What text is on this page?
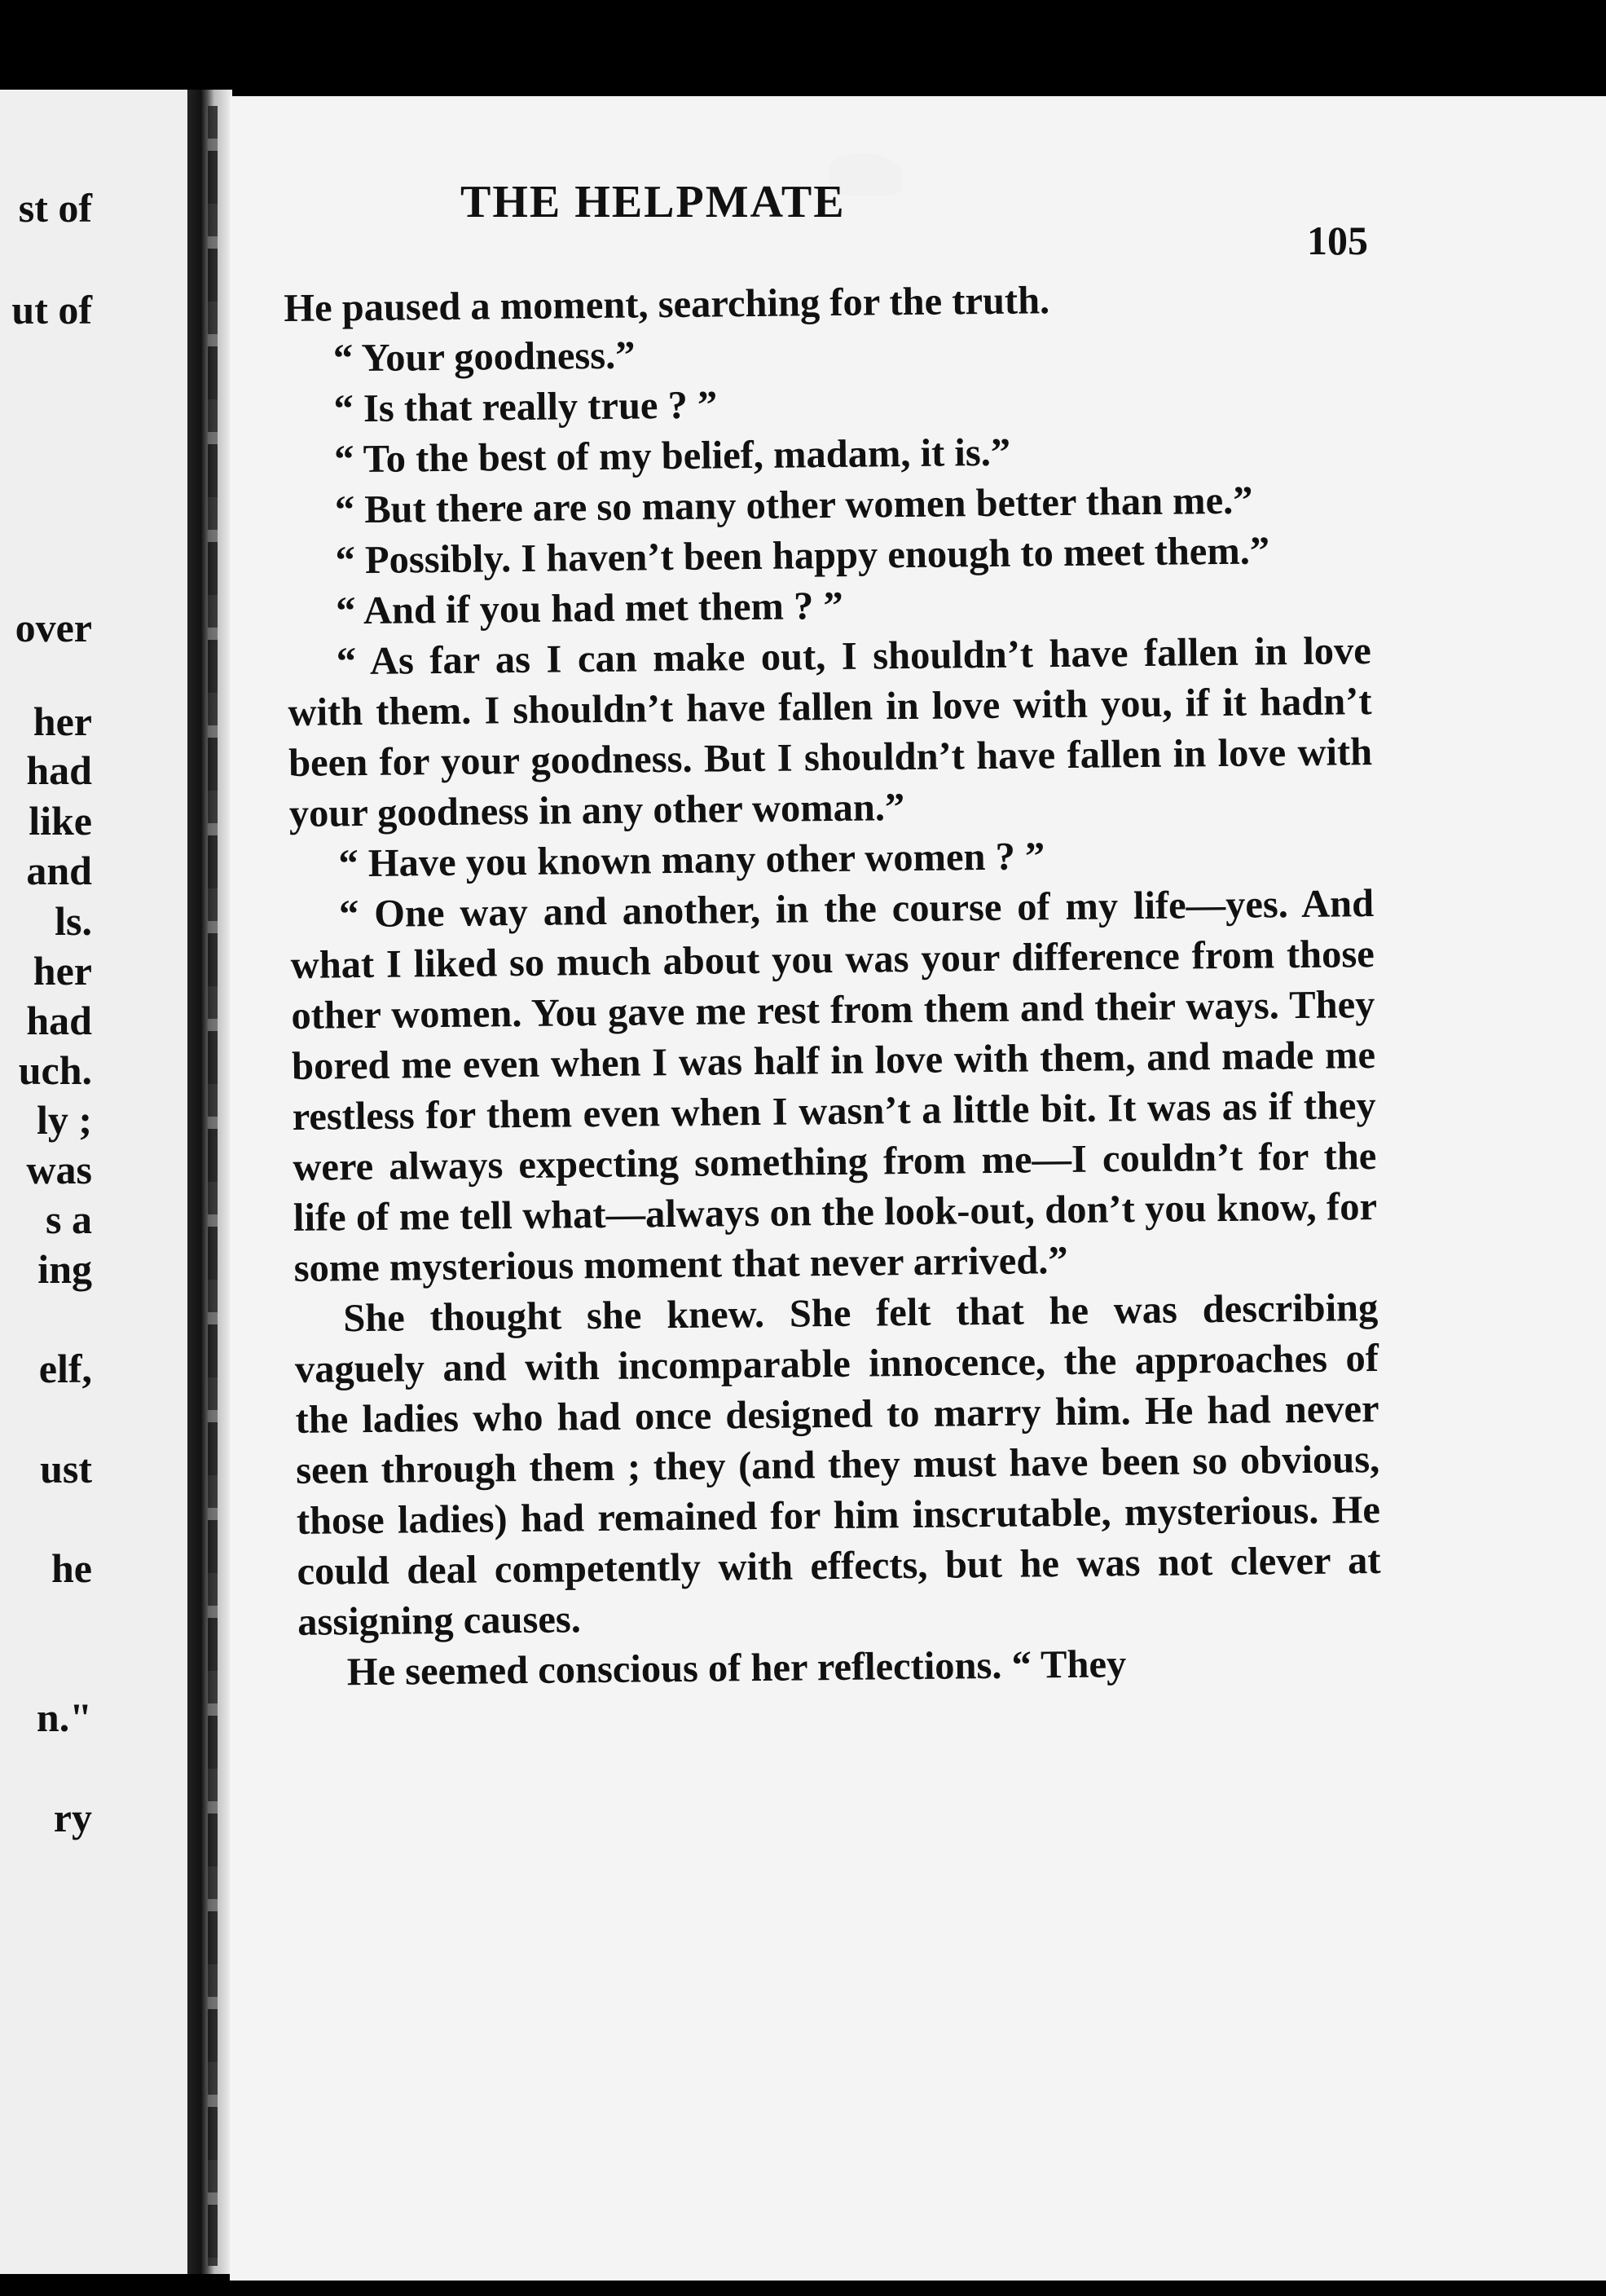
st of
ut of
over
her
had
like
and
ls.
her
had
uch.
ly ;
was
s a
ing
elf,
ust
he
n."
ry
THE HELPMATE
105

He paused a moment, searching for the truth.

“ Your goodness.”

“ Is that really true ? ”

“ To the best of my belief, madam, it is.”

“ But there are so many other women better than me.”

“ Possibly. I haven’t been happy enough to meet them.”

“ And if you had met them ? ”

“ As far as I can make out, I shouldn’t have fallen in love with them. I shouldn’t have fallen in love with you, if it hadn’t been for your goodness. But I shouldn’t have fallen in love with your goodness in any other woman.”

“ Have you known many other women ? ”

“ One way and another, in the course of my life—yes. And what I liked so much about you was your difference from those other women. You gave me rest from them and their ways. They bored me even when I was half in love with them, and made me restless for them even when I wasn’t a little bit. It was as if they were always expecting something from me—I couldn’t for the life of me tell what—always on the look-out, don’t you know, for some mysterious moment that never arrived.”

She thought she knew. She felt that he was describing vaguely and with incomparable innocence, the approaches of the ladies who had once designed to marry him. He had never seen through them ; they (and they must have been so obvious, those ladies) had remained for him inscrutable, mysterious. He could deal competently with effects, but he was not clever at assigning causes.

He seemed conscious of her reflections. “ They
